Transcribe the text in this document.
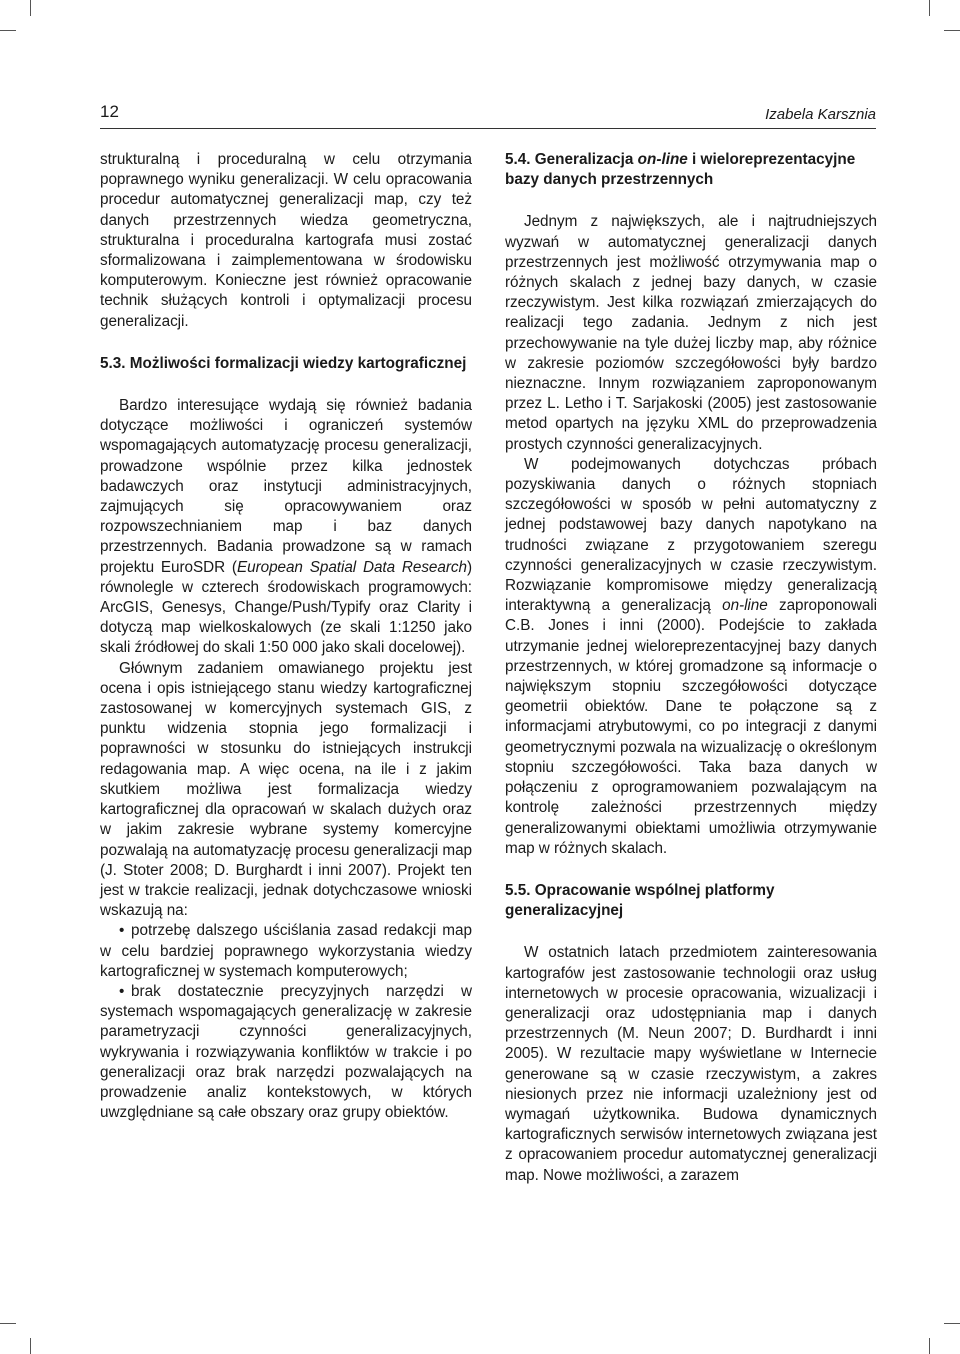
12	Izabela Karsznia

strukturalną i proceduralną w celu otrzymania poprawnego wyniku generalizacji. W celu opracowania procedur automatycznej generalizacji map, czy też danych przestrzennych wiedza geometryczna, strukturalna i proceduralna kartografa musi zostać sformalizowana i zaimplementowana w środowisku komputerowym. Konieczne jest również opracowanie technik służących kontroli i optymalizacji procesu generalizacji.

5.3. Możliwości formalizacji wiedzy kartograficznej

Bardzo interesujące wydają się również badania dotyczące możliwości i ograniczeń systemów wspomagających automatyzację procesu generalizacji, prowadzone wspólnie przez kilka jednostek badawczych oraz instytucji administracyjnych, zajmujących się opracowywaniem oraz rozpowszechnianiem map i baz danych przestrzennych. Badania prowadzone są w ramach projektu EuroSDR (European Spatial Data Research) równolegle w czterech środowiskach programowych: ArcGIS, Genesys, Change/Push/Typify oraz Clarity i dotyczą map wielkoskalowych (ze skali 1:1250 jako skali źródłowej do skali 1:50 000 jako skali docelowej).

Głównym zadaniem omawianego projektu jest ocena i opis istniejącego stanu wiedzy kartograficznej zastosowanej w komercyjnych systemach GIS, z punktu widzenia stopnia jego formalizacji i poprawności w stosunku do istniejących instrukcji redagowania map. A więc ocena, na ile i z jakim skutkiem możliwa jest formalizacja wiedzy kartograficznej dla opracowań w skalach dużych oraz w jakim zakresie wybrane systemy komercyjne pozwalają na automatyzację procesu generalizacji map (J. Stoter 2008; D. Burghardt i inni 2007). Projekt ten jest w trakcie realizacji, jednak dotychczasowe wnioski wskazują na:

• potrzebę dalszego uściślania zasad redakcji map w celu bardziej poprawnego wykorzystania wiedzy kartograficznej w systemach komputerowych;
• brak dostatecznie precyzyjnych narzędzi w systemach wspomagających generalizację w zakresie parametryzacji czynności generalizacyjnych, wykrywania i rozwiązywania konfliktów w trakcie i po generalizacji oraz brak narzędzi pozwalających na prowadzenie analiz kontekstowych, w których uwzględniane są całe obszary oraz grupy obiektów.
5.4. Generalizacja on-line i wieloreprezentacyjne bazy danych przestrzennych

Jednym z największych, ale i najtrudniejszych wyzwań w automatycznej generalizacji danych przestrzennych jest możliwość otrzymywania map o różnych skalach z jednej bazy danych, w czasie rzeczywistym. Jest kilka rozwiązań zmierzających do realizacji tego zadania. Jednym z nich jest przechowywanie na tyle dużej liczby map, aby różnice w zakresie poziomów szczegółowości były bardzo nieznaczne. Innym rozwiązaniem zaproponowanym przez L. Letho i T. Sarjakoski (2005) jest zastosowanie metod opartych na języku XML do przeprowadzenia prostych czynności generalizacyjnych.

W podejmowanych dotychczas próbach pozyskiwania danych o różnych stopniach szczegółowości w sposób w pełni automatyczny z jednej podstawowej bazy danych napotykano na trudności związane z przygotowaniem szeregu czynności generalizacyjnych w czasie rzeczywistym. Rozwiązanie kompromisowe między generalizacją interaktywną a generalizacją on-line zaproponowali C.B. Jones i inni (2000). Podejście to zakłada utrzymanie jednej wieloreprezentacyjnej bazy danych przestrzennych, w której gromadzone są informacje o największym stopniu szczegółowości dotyczące geometrii obiektów. Dane te połączone są z informacjami atrybutowymi, co po integracji z danymi geometrycznymi pozwala na wizualizację o określonym stopniu szczegółowości. Taka baza danych w połączeniu z oprogramowaniem pozwalającym na kontrolę zależności przestrzennych między generalizowanymi obiektami umożliwia otrzymywanie map w różnych skalach.

5.5. Opracowanie wspólnej platformy generalizacyjnej

W ostatnich latach przedmiotem zainteresowania kartografów jest zastosowanie technologii oraz usług internetowych w procesie opracowania, wizualizacji i generalizacji oraz udostępniania map i danych przestrzennych (M. Neun 2007; D. Burdhardt i inni 2005). W rezultacie mapy wyświetlane w Internecie generowane są w czasie rzeczywistym, a zakres niesionych przez nie informacji uzależniony jest od wymagań użytkownika. Budowa dynamicznych kartograficznych serwisów internetowych związana jest z opracowaniem procedur automatycznej generalizacji map. Nowe możliwości, a zarazem
